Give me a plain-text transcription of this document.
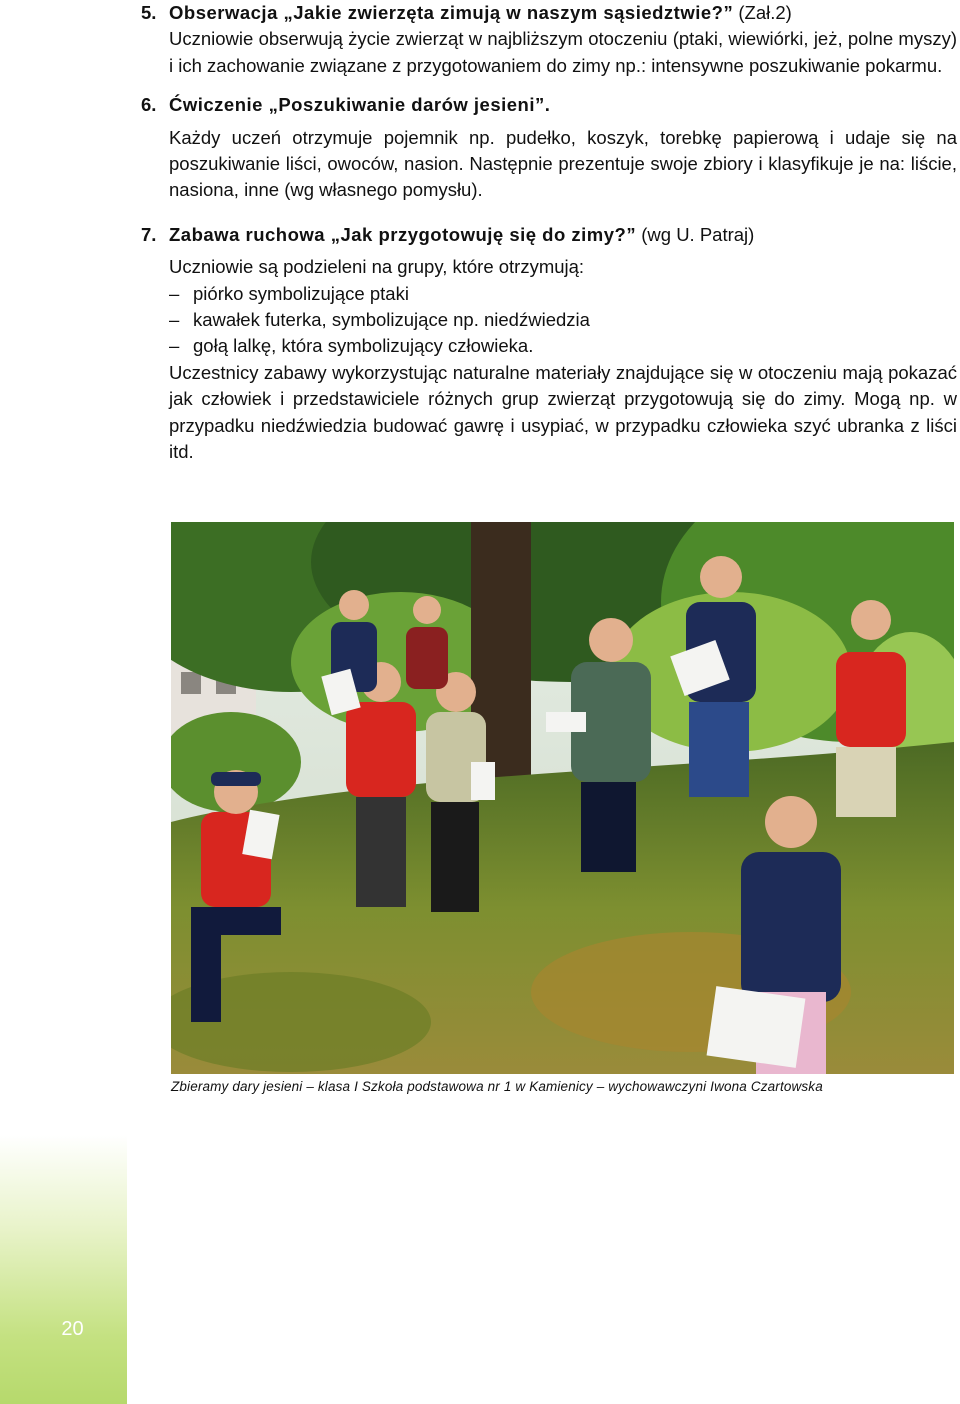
5. Obserwacja „Jakie zwierzęta zimują w naszym sąsiedztwie?” (Zał.2)

Uczniowie obserwują życie zwierząt w najbliższym otoczeniu (ptaki, wiewiórki, jeż, polne myszy) i ich zachowanie związane z przygotowaniem do zimy np.: intensywne poszukiwanie pokarmu.

6. Ćwiczenie „Poszukiwanie darów jesieni”.

Każdy uczeń otrzymuje pojemnik np. pudełko, koszyk, torebkę papierową i udaje się na poszukiwanie liści, owoców, nasion. Następnie prezentuje swoje zbiory i klasyfikuje je na: liście, nasiona, inne (wg własnego pomysłu).

7. Zabawa ruchowa „Jak przygotowuję się do zimy?” (wg U. Patraj)

Uczniowie są podzieleni na grupy, które otrzymują:

– piórko symbolizujące ptaki
– kawałek futerka, symbolizujące np. niedźwiedzia
– gołą lalkę, która symbolizujący człowieka.

Uczestnicy zabawy wykorzystując naturalne materiały znajdujące się w otoczeniu mają pokazać jak człowiek i przedstawiciele różnych grup zwierząt przygotowują się do zimy. Mogą np. w przypadku niedźwiedzia budować gawrę i usypiać, w przypadku człowieka szyć ubranka z liści itd.

Zbieramy dary jesieni – klasa I Szkoła podstawowa nr 1 w Kamienicy – wychowawczyni Iwona Czartowska
20
